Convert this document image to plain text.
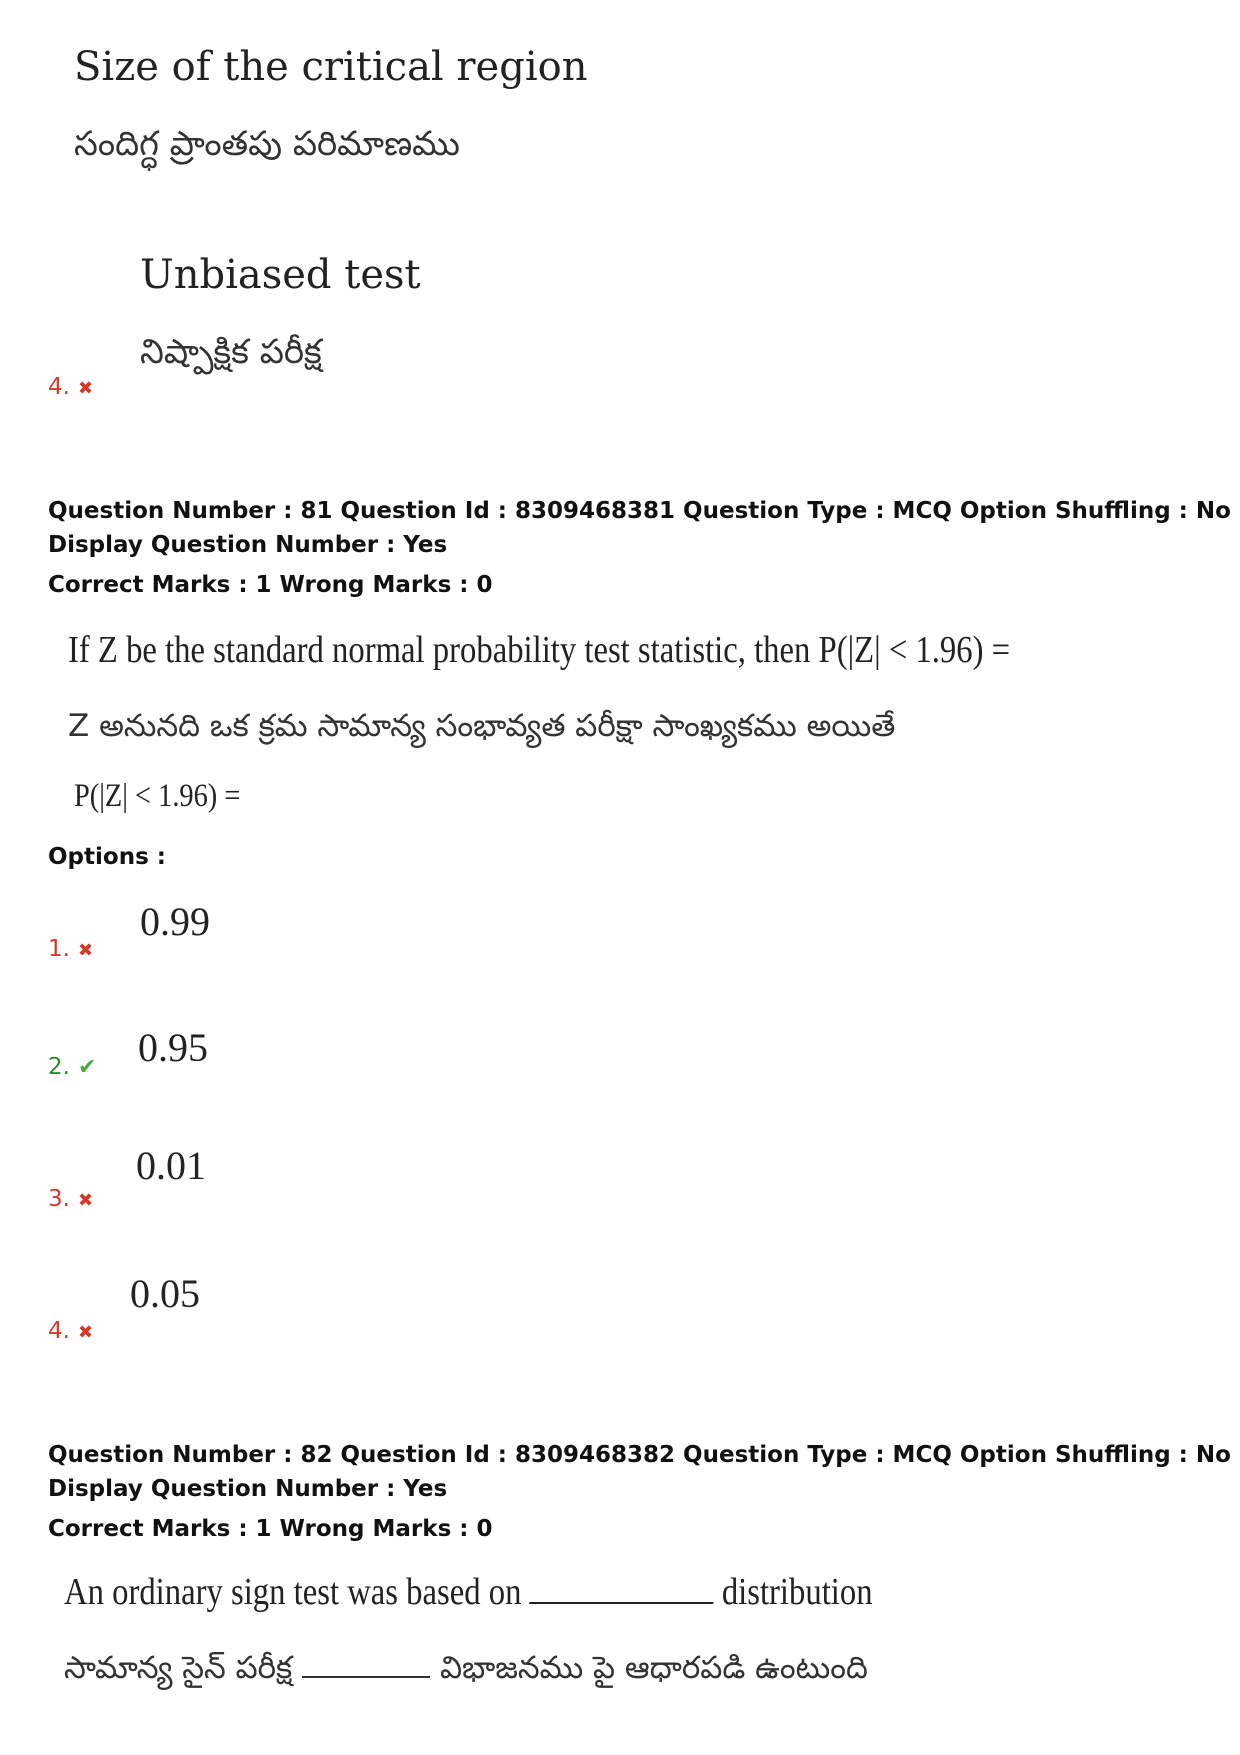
Size of the critical region
సందిగ్ధ ప్రాంతపు పరిమాణము
Unbiased test
నిష్పాక్షిక పరీక్ష
4. ✖
Question Number : 81 Question Id : 8309468381 Question Type : MCQ Option Shuffling : No
Display Question Number : Yes
Correct Marks : 1 Wrong Marks : 0
If Z be the standard normal probability test statistic, then P(|Z| < 1.96) =
Z అనునది ఒక క్రమ సామాన్య సంభావ్యత పరీక్షా సాంఖ్యకము అయితే
P(|Z| < 1.96) =
Options :
0.99
1. ✖
0.95
2. ✔
0.01
3. ✖
0.05
4. ✖
Question Number : 82 Question Id : 8309468382 Question Type : MCQ Option Shuffling : No
Display Question Number : Yes
Correct Marks : 1 Wrong Marks : 0
An ordinary sign test was based on	distribution
సామాన్య సైన్ పరీక్ష	విభాజనము పై ఆధారపడి ఉంటుంది
